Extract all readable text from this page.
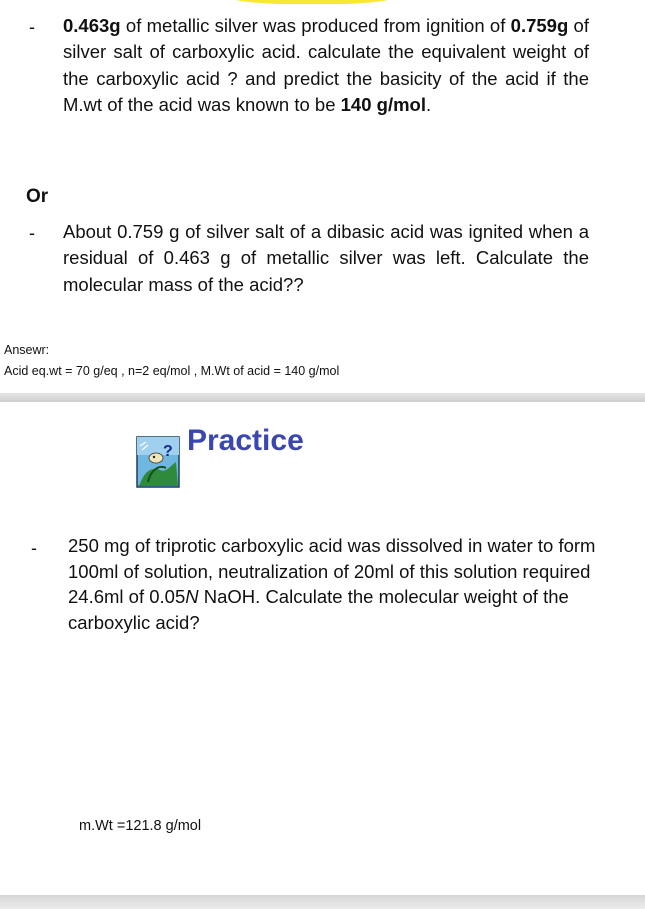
- 0.463g of metallic silver was produced from ignition of 0.759g of silver salt of carboxylic acid. calculate the equivalent weight of the carboxylic acid ? and predict the basicity of the acid if the M.wt of the acid was known to be 140 g/mol.

Or
- About 0.759 g of silver salt of a dibasic acid was ignited when a residual of 0.463 g of metallic silver was left. Calculate the molecular mass of the acid??

Ansewr:
Acid eq.wt = 70 g/eq , n=2 eq/mol , M.Wt of acid = 140 g/mol
? Practice
- 250 mg of triprotic carboxylic acid was dissolved in water to form 100ml of solution, neutralization of 20ml of this solution required 24.6ml of 0.05N NaOH. Calculate the molecular weight of the carboxylic acid?

m.Wt =121.8 g/mol
